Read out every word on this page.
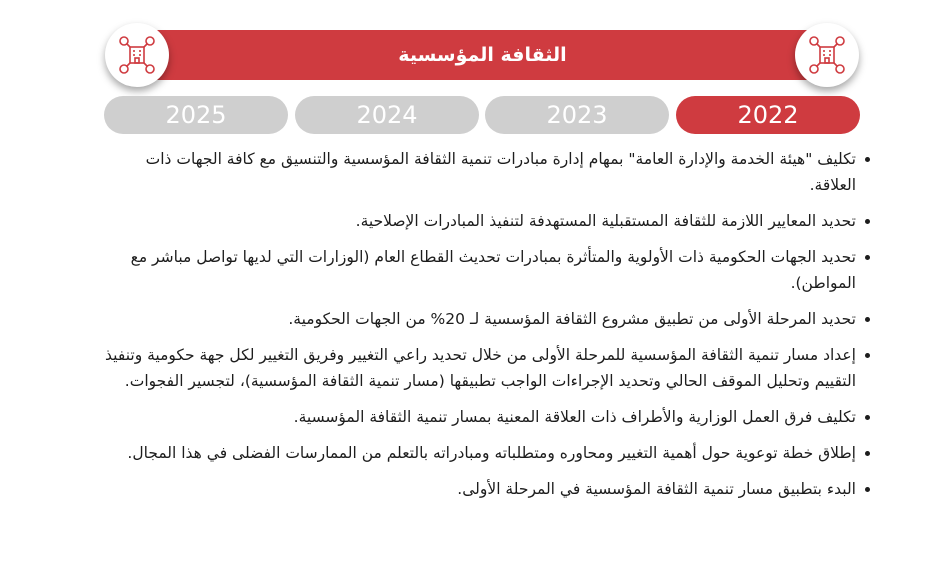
الثقافة المؤسسية
2022
2023
2024
2025
تكليف "هيئة الخدمة والإدارة العامة" بمهام إدارة مبادرات تنمية الثقافة المؤسسية والتنسيق مع كافة الجهات ذات العلاقة.
تحديد المعايير اللازمة للثقافة المستقبلية المستهدفة لتنفيذ المبادرات الإصلاحية.
تحديد الجهات الحكومية ذات الأولوية والمتأثرة بمبادرات تحديث القطاع العام (الوزارات التي لديها تواصل مباشر مع المواطن).
تحديد المرحلة الأولى من تطبيق مشروع الثقافة المؤسسية لـ 20% من الجهات الحكومية.
إعداد مسار تنمية الثقافة المؤسسية للمرحلة الأولى من خلال تحديد راعي التغيير وفريق التغيير لكل جهة حكومية وتنفيذ التقييم وتحليل الموقف الحالي وتحديد الإجراءات الواجب تطبيقها (مسار تنمية الثقافة المؤسسية)، لتجسير الفجوات.
تكليف فرق العمل الوزارية والأطراف ذات العلاقة المعنية بمسار تنمية الثقافة المؤسسية.
إطلاق خطة توعوية حول أهمية التغيير ومحاوره ومتطلباته ومبادراته بالتعلم من الممارسات الفضلى في هذا المجال.
البدء بتطبيق مسار تنمية الثقافة المؤسسية في المرحلة الأولى.
